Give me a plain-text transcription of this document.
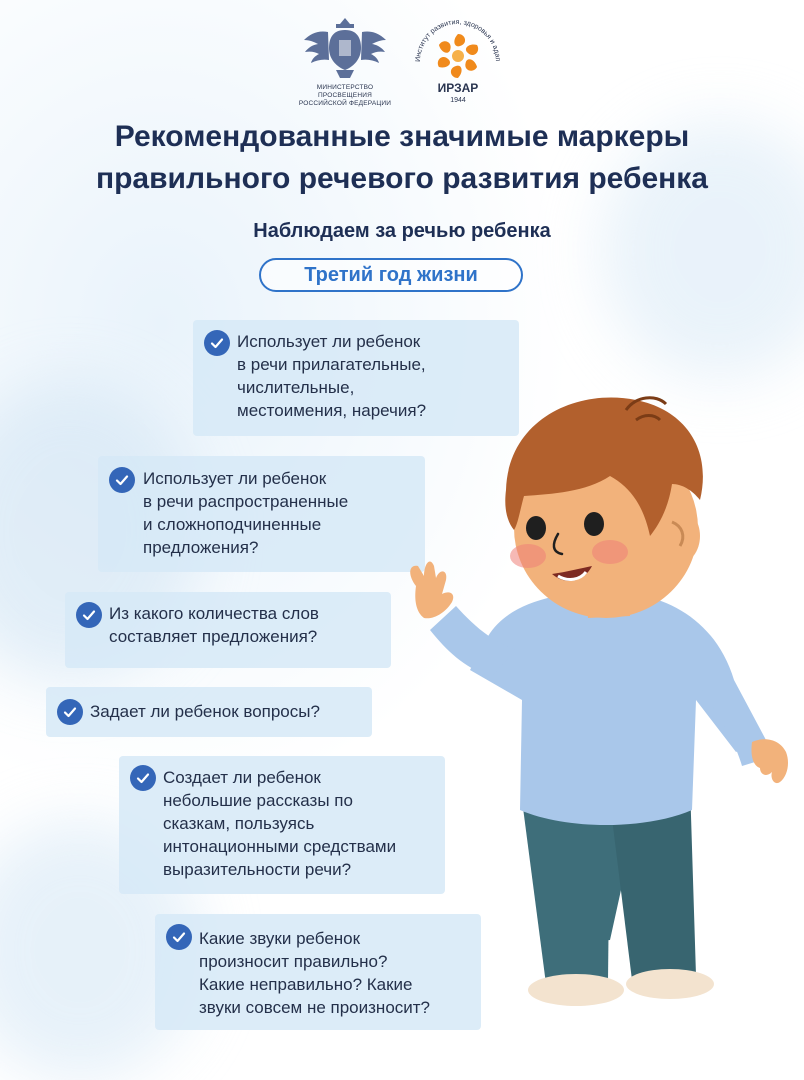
МИНИСТЕРСТВО ПРОСВЕЩЕНИЯ
РОССИЙСКОЙ ФЕДЕРАЦИИ
Институт развития, здоровья и адап
ИРЗАР
1944
Рекомендованные значимые маркеры
правильного речевого развития ребенка
Наблюдаем за речью ребенка
Третий год жизни

Использует ли ребенок
в речи прилагательные,
числительные,
местоимения, наречия?

Использует ли ребенок
в речи распространенные
и сложноподчиненные
предложения?

Из какого количества слов
составляет предложения?

Задает ли ребенок вопросы?

Создает ли ребенок
небольшие рассказы по
сказкам, пользуясь
интонационными средствами
выразительности речи?

Какие звуки ребенок
произносит правильно?
Какие неправильно? Какие
звуки совсем не произносит?
